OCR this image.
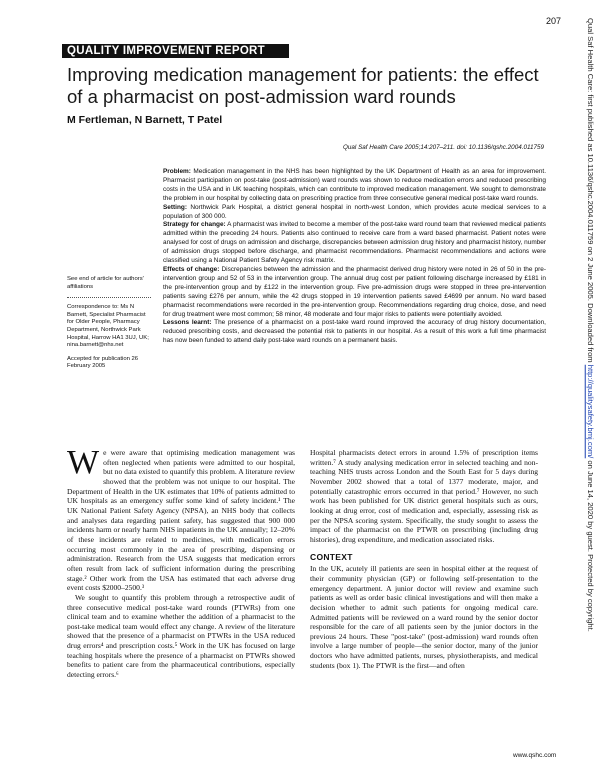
207
QUALITY IMPROVEMENT REPORT
Improving medication management for patients: the effect of a pharmacist on post-admission ward rounds
M Fertleman, N Barnett, T Patel
Qual Saf Health Care 2005;14:207–211. doi: 10.1136/qshc.2004.011759

Problem: Medication management in the NHS has been highlighted by the UK Department of Health as an area for improvement. Pharmacist participation on post-take (post-admission) ward rounds was shown to reduce medication errors and reduced prescribing costs in the USA and in UK teaching hospitals, which can contribute to improved medication management. We sought to demonstrate the problem in our hospital by collecting data on prescribing practice from three consecutive general medical post-take ward rounds.

Setting: Northwick Park Hospital, a district general hospital in north-west London, which provides acute medical services to a population of 300 000.

Strategy for change: A pharmacist was invited to become a member of the post-take ward round team that reviewed medical patients admitted within the preceding 24 hours. Patients also continued to receive care from a ward based pharmacist. Patient notes were analysed for cost of drugs on admission and discharge, discrepancies between admission drug history and pharmacist history, number of admission drugs stopped before discharge, and pharmacist recommendations. Pharmacist recommendations and actions were classified using a National Patient Safety Agency risk matrix.

Effects of change: Discrepancies between the admission and the pharmacist derived drug history were noted in 26 of 50 in the pre-intervention group and 52 of 53 in the intervention group. The annual drug cost per patient following discharge increased by £181 in the pre-intervention group and by £122 in the intervention group. Five pre-admission drugs were stopped in three pre-intervention patients saving £276 per annum, while the 42 drugs stopped in 19 intervention patients saved £4699 per annum. No ward based pharmacist recommendations were recorded in the pre-intervention group. Recommendations regarding drug choice, dose, and need for drug treatment were most common; 58 minor, 48 moderate and four major risks to patients were potentially avoided.

Lessons learnt: The presence of a pharmacist on a post-take ward round improved the accuracy of drug history documentation, reduced prescribing costs, and decreased the potential risk to patients in our hospital. As a result of this work a full time pharmacist has now been funded to attend daily post-take ward rounds on a permanent basis.

See end of article for authors' affiliations

Correspondence to: Ms N Barnett, Specialist Pharmacist for Older People, Pharmacy Department, Northwick Park Hospital, Harrow HA1 3UJ, UK; nina.barnett@nhs.net

Accepted for publication 26 February 2005

We were aware that optimising medication management was often neglected when patients were admitted to our hospital, but no data existed to quantify this problem. A literature review showed that the problem was not unique to our hospital. The Department of Health in the UK estimates that 10% of patients admitted to UK hospitals as an emergency suffer some kind of safety incident.¹ The UK National Patient Safety Agency (NPSA), an NHS body that collects and analyses data regarding patient safety, has suggested that 900 000 incidents harm or nearly harm NHS inpatients in the UK annually; 12–20% of these incidents are related to medicines, with medication errors occurring most commonly in the area of prescribing, dispensing or administration. Research from the USA suggests that medication errors often result from lack of sufficient information during the prescribing stage.² Other work from the USA has estimated that each adverse drug event costs $2000–2500.³

We sought to quantify this problem through a retrospective audit of three consecutive medical post-take ward rounds (PTWRs) from one clinical team and to examine whether the addition of a pharmacist to the post-take medical team would effect any change. A review of the literature showed that the presence of a pharmacist on PTWRs in the USA reduced drug errors⁴ and prescription costs.⁵ Work in the UK has focused on large teaching hospitals where the presence of a pharmacist on PTWRs showed benefits to patient care from the pharmaceutical contributions, especially detecting errors.⁶

Hospital pharmacists detect errors in around 1.5% of prescription items written.⁷ A study analysing medication error in selected teaching and non-teaching NHS trusts across London and the South East for 5 days during November 2002 showed that a total of 1377 moderate, major, and potentially catastrophic errors occurred in that period.⁷ However, no such work has been published for UK district general hospitals such as ours, looking at drug error, cost of medication and, especially, assessing risk as per the NPSA scoring system. Specifically, the study sought to assess the impact of the pharmacist on the PTWR on prescribing (including drug histories), drug expenditure, and medication associated risks.

CONTEXT

In the UK, acutely ill patients are seen in hospital either at the request of their community physician (GP) or following self-presentation to the emergency department. A junior doctor will review and examine such patients as well as order basic clinical investigations and will then make a decision whether to admit such patients for ongoing medical care. Admitted patients will be reviewed on a ward round by the senior doctor responsible for the care of all patients seen by the junior doctors in the previous 24 hours. These "post-take" (post-admission) ward rounds often involve a large number of people—the senior doctor, many of the junior doctors who have admitted patients, nurses, physiotherapists, and medical students (box 1). The PTWR is the first—and often

www.qshc.com
Qual Saf Health Care: first published as 10.1136/qshc.2004.011759 on 2 June 2005. Downloaded from http://qualitysafety.bmj.com/ on June 14, 2020 by guest. Protected by copyright.
